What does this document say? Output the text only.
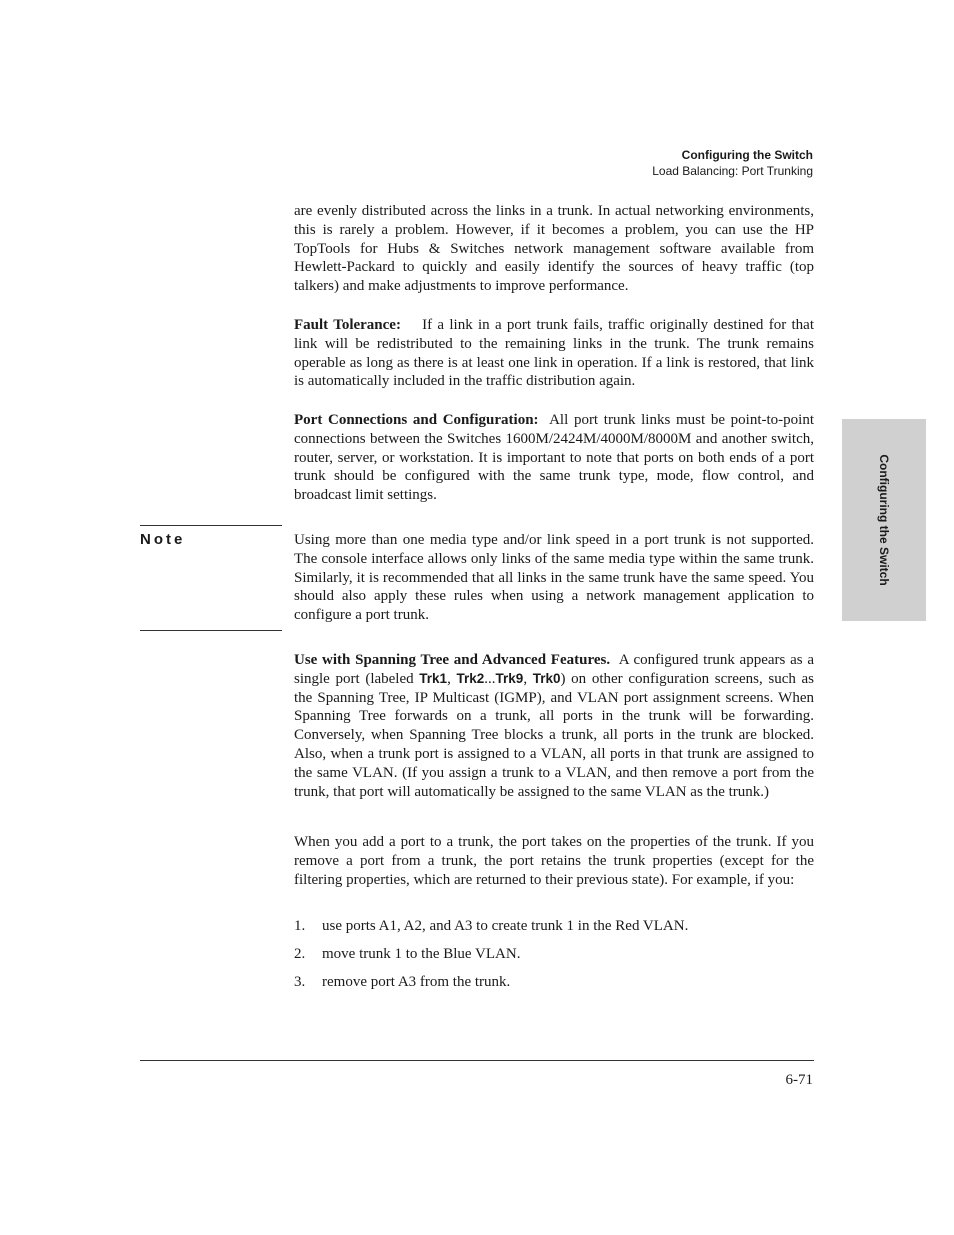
Configuring the Switch
Load Balancing: Port Trunking
Configuring the Switch

are evenly distributed across the links in a trunk. In actual networking environments, this is rarely a problem. However, if it becomes a problem, you can use the HP TopTools for Hubs & Switches network management software available from Hewlett-Packard to quickly and easily identify the sources of heavy traffic (top talkers) and make adjustments to improve performance.

Fault Tolerance: If a link in a port trunk fails, traffic originally destined for that link will be redistributed to the remaining links in the trunk. The trunk remains operable as long as there is at least one link in operation. If a link is restored, that link is automatically included in the traffic distribution again.

Port Connections and Configuration: All port trunk links must be point-to-point connections between the Switches 1600M/2424M/4000M/8000M and another switch, router, server, or workstation. It is important to note that ports on both ends of a port trunk should be configured with the same trunk type, mode, flow control, and broadcast limit settings.

Note	Using more than one media type and/or link speed in a port trunk is not supported. The console interface allows only links of the same media type within the same trunk. Similarly, it is recommended that all links in the same trunk have the same speed. You should also apply these rules when using a network management application to configure a port trunk.

Use with Spanning Tree and Advanced Features. A configured trunk appears as a single port (labeled Trk1, Trk2...Trk9, Trk0) on other configuration screens, such as the Spanning Tree, IP Multicast (IGMP), and VLAN port assignment screens. When Spanning Tree forwards on a trunk, all ports in the trunk will be forwarding. Conversely, when Spanning Tree blocks a trunk, all ports in the trunk are blocked. Also, when a trunk port is assigned to a VLAN, all ports in that trunk are assigned to the same VLAN. (If you assign a trunk to a VLAN, and then remove a port from the trunk, that port will automatically be assigned to the same VLAN as the trunk.)

When you add a port to a trunk, the port takes on the properties of the trunk. If you remove a port from a trunk, the port retains the trunk properties (except for the filtering properties, which are returned to their previous state). For example, if you:

1. use ports A1, A2, and A3 to create trunk 1 in the Red VLAN.
2. move trunk 1 to the Blue VLAN.
3. remove port A3 from the trunk.
6-71
